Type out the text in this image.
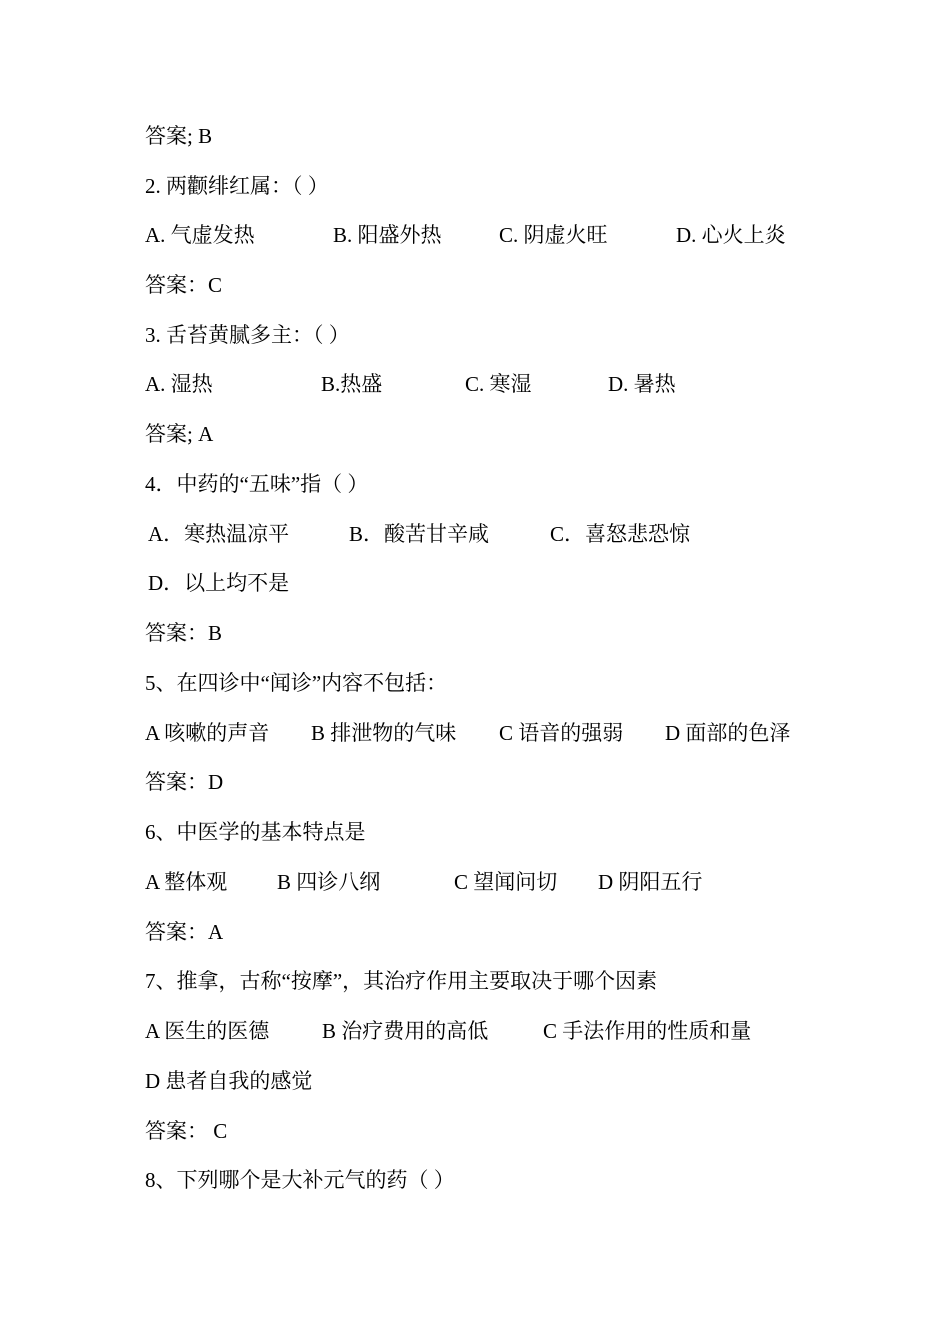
答案; B
2. 两颧绯红属：（ ）
A. 气虚发热	B. 阳盛外热	C. 阴虚火旺	D. 心火上炎
答案：C
3. 舌苔黄腻多主：（ ）
A. 湿热	B.热盛	C. 寒湿	D. 暑热
答案; A
4．中药的“五味”指（ ）
A．寒热温凉平	B．酸苦甘辛咸	C．喜怒悲恐惊
D．以上均不是
答案：B
5、在四诊中“闻诊”内容不包括：
A 咳嗽的声音 B 排泄物的气味 C 语音的强弱 D 面部的色泽
答案：D
6、中医学的基本特点是
A 整体观 B 四诊八纲	C 望闻问切 D 阴阳五行
答案：A
7、推拿，古称“按摩”，其治疗作用主要取决于哪个因素
A 医生的医德	B 治疗费用的高低	C 手法作用的性质和量
D 患者自我的感觉
答案： C
8、下列哪个是大补元气的药（ ）
